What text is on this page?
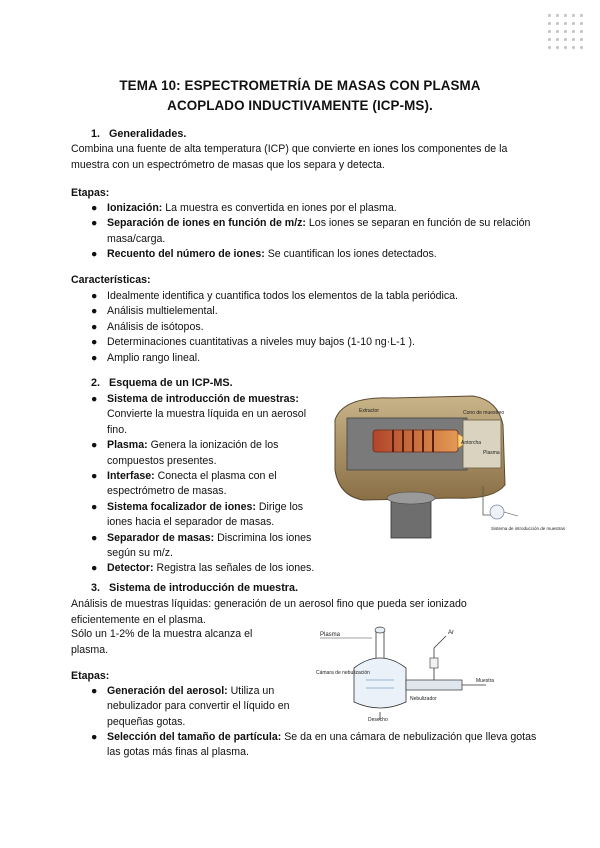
TEMA 10: ESPECTROMETRÍA DE MASAS CON PLASMA
ACOPLADO INDUCTIVAMENTE (ICP-MS).
1. Generalidades.
Combina una fuente de alta temperatura (ICP) que convierte en iones los componentes de la muestra con un espectrómetro de masas que los separa y detecta.
Etapas:
● Ionización: La muestra es convertida en iones por el plasma.
● Separación de iones en función de m/z: Los iones se separan en función de su relación masa/carga.
● Recuento del número de iones: Se cuantifican los iones detectados.
Características:
● Idealmente identifica y cuantifica todos los elementos de la tabla periódica.
● Análisis multielemental.
● Análisis de isótopos.
● Determinaciones cuantitativas a niveles muy bajos (1-10 ng·L-1 ).
● Amplio rango lineal.
2. Esquema de un ICP-MS.
● Sistema de introducción de muestras: Convierte la muestra líquida en un aerosol fino.
● Plasma: Genera la ionización de los compuestos presentes.
● Interfase: Conecta el plasma con el espectrómetro de masas.
● Sistema focalizador de iones: Dirige los iones hacia el separador de masas.
● Separador de masas: Discrimina los iones según su m/z.
● Detector: Registra las señales de los iones.
Extractor	Cono de muestreo
Antorcha
Plasma
Sistema de introducción de muestras
3. Sistema de introducción de muestra.
Análisis de muestras líquidas: generación de un aerosol fino que pueda ser ionizado eficientemente en el plasma.
Sólo un 1-2% de la muestra alcanza el plasma.
Etapas:
● Generación del aerosol: Utiliza un nebulizador para convertir el líquido en pequeñas gotas.
● Selección del tamaño de partícula: Se da en una cámara de nebulización que lleva gotas las gotas más finas al plasma.
Plasma	Ar
Cámara de nebulización
Nebulizador
Muestra
Desecho
